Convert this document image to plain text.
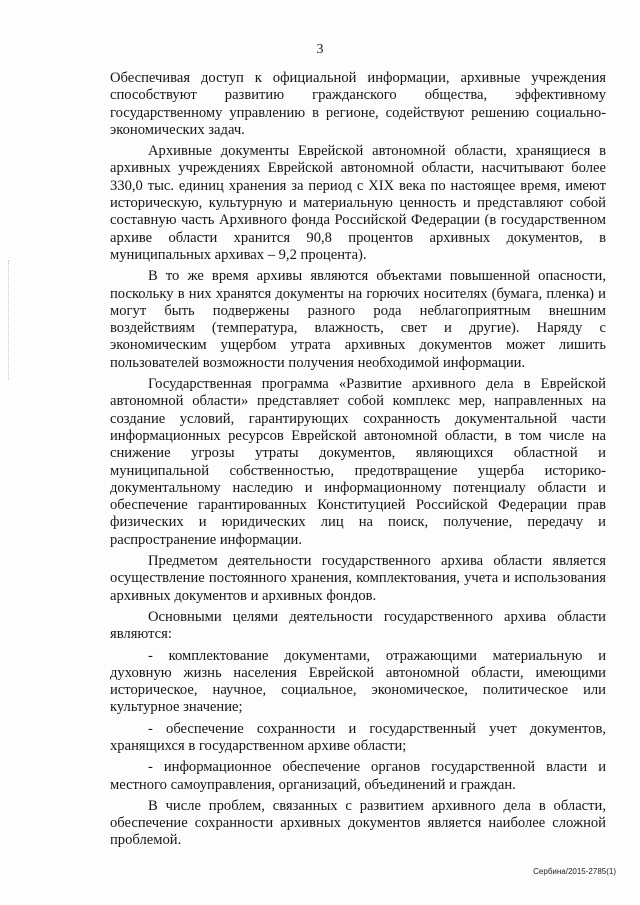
3

Обеспечивая доступ к официальной информации, архивные учреждения способствуют развитию гражданского общества, эффективному государственному управлению в регионе, содействуют решению социально-экономических задач.

Архивные документы Еврейской автономной области, хранящиеся в архивных учреждениях Еврейской автономной области, насчитывают более 330,0 тыс. единиц хранения за период с XIX века по настоящее время, имеют историческую, культурную и материальную ценность и представляют собой составную часть Архивного фонда Российской Федерации (в государственном архиве области хранится 90,8 процентов архивных документов, в муниципальных архивах – 9,2 процента).

В то же время архивы являются объектами повышенной опасности, поскольку в них хранятся документы на горючих носителях (бумага, пленка) и могут быть подвержены разного рода неблагоприятным внешним воздействиям (температура, влажность, свет и другие). Наряду с экономическим ущербом утрата архивных документов может лишить пользователей возможности получения необходимой информации.

Государственная программа «Развитие архивного дела в Еврейской автономной области» представляет собой комплекс мер, направленных на создание условий, гарантирующих сохранность документальной части информационных ресурсов Еврейской автономной области, в том числе на снижение угрозы утраты документов, являющихся областной и муниципальной собственностью, предотвращение ущерба историко-документальному наследию и информационному потенциалу области и обеспечение гарантированных Конституцией Российской Федерации прав физических и юридических лиц на поиск, получение, передачу и распространение информации.

Предметом деятельности государственного архива области является осуществление постоянного хранения, комплектования, учета и использования архивных документов и архивных фондов.

Основными целями деятельности государственного архива области являются:

- комплектование документами, отражающими материальную и духовную жизнь населения Еврейской автономной области, имеющими историческое, научное, социальное, экономическое, политическое или культурное значение;

- обеспечение сохранности и государственный учет документов, хранящихся в государственном архиве области;

- информационное обеспечение органов государственной власти и местного самоуправления, организаций, объединений и граждан.

В числе проблем, связанных с развитием архивного дела в области, обеспечение сохранности архивных документов является наиболее сложной проблемой.

Сербина/2015-2785(1)
